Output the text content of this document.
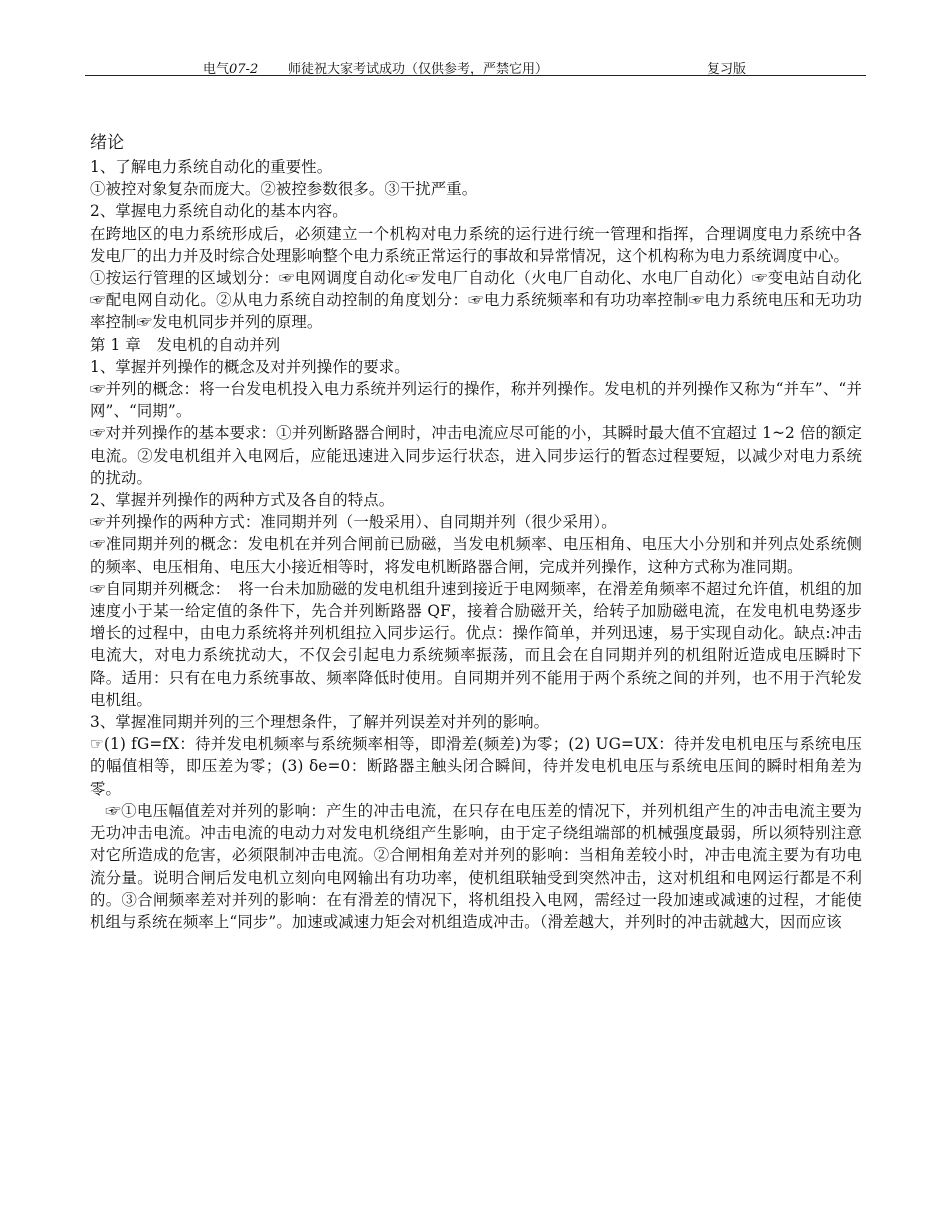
电气07-2 师徒祝大家考试成功（仅供参考，严禁它用）	复习版

绪论

1、了解电力系统自动化的重要性。

①被控对象复杂而庞大。②被控参数很多。③干扰严重。

2、掌握电力系统自动化的基本内容。

在跨地区的电力系统形成后，必须建立一个机构对电力系统的运行进行统一管理和指挥，合理调度电力系统中各发电厂的出力并及时综合处理影响整个电力系统正常运行的事故和异常情况，这个机构称为电力系统调度中心。

①按运行管理的区域划分：☞电网调度自动化☞发电厂自动化（火电厂自动化、水电厂自动化）☞变电站自动化☞配电网自动化。②从电力系统自动控制的角度划分：☞电力系统频率和有功功率控制☞电力系统电压和无功功率控制☞发电机同步并列的原理。

第 1 章　发电机的自动并列

1、掌握并列操作的概念及对并列操作的要求。

☞并列的概念：将一台发电机投入电力系统并列运行的操作，称并列操作。发电机的并列操作又称为“并车”、“并网”、“同期”。

☞对并列操作的基本要求：①并列断路器合闸时，冲击电流应尽可能的小，其瞬时最大值不宜超过 1~2 倍的额定电流。②发电机组并入电网后，应能迅速进入同步运行状态，进入同步运行的暂态过程要短，以减少对电力系统的扰动。

2、掌握并列操作的两种方式及各自的特点。

☞并列操作的两种方式：准同期并列（一般采用）、自同期并列（很少采用）。

☞准同期并列的概念：发电机在并列合闸前已励磁，当发电机频率、电压相角、电压大小分别和并列点处系统侧的频率、电压相角、电压大小接近相等时，将发电机断路器合闸，完成并列操作，这种方式称为准同期。

☞自同期并列概念：　将一台未加励磁的发电机组升速到接近于电网频率，在滑差角频率不超过允许值，机组的加速度小于某一给定值的条件下，先合并列断路器 QF，接着合励磁开关，给转子加励磁电流，在发电机电势逐步增长的过程中，由电力系统将并列机组拉入同步运行。优点：操作简单，并列迅速，易于实现自动化。缺点:冲击电流大，对电力系统扰动大，不仅会引起电力系统频率振荡，而且会在自同期并列的机组附近造成电压瞬时下降。适用：只有在电力系统事故、频率降低时使用。自同期并列不能用于两个系统之间的并列，也不用于汽轮发电机组。

3、掌握准同期并列的三个理想条件，了解并列误差对并列的影响。

☞(1) fG=fX：待并发电机频率与系统频率相等，即滑差(频差)为零；(2) UG=UX：待并发电机电压与系统电压的幅值相等，即压差为零；(3) δe=0：断路器主触头闭合瞬间，待并发电机电压与系统电压间的瞬时相角差为零。

☞①电压幅值差对并列的影响：产生的冲击电流，在只存在电压差的情况下，并列机组产生的冲击电流主要为无功冲击电流。冲击电流的电动力对发电机绕组产生影响，由于定子绕组端部的机械强度最弱，所以须特别注意对它所造成的危害，必须限制冲击电流。②合闸相角差对并列的影响：当相角差较小时，冲击电流主要为有功电流分量。说明合闸后发电机立刻向电网输出有功功率，使机组联轴受到突然冲击，这对机组和电网运行都是不利的。③合闸频率差对并列的影响：在有滑差的情况下，将机组投入电网，需经过一段加速或减速的过程，才能使机组与系统在频率上“同步”。加速或减速力矩会对机组造成冲击。（滑差越大，并列时的冲击就越大，因而应该
